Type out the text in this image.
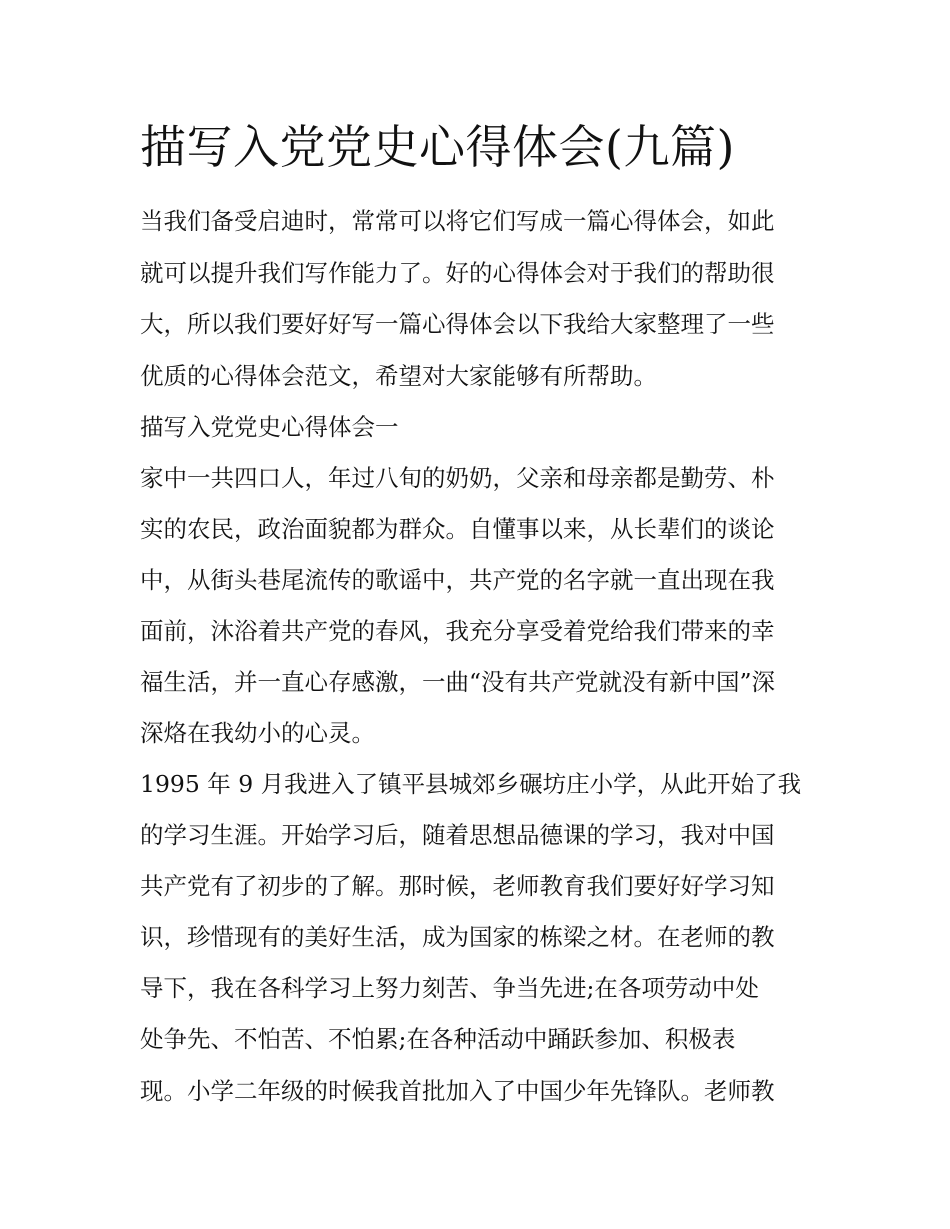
描写入党党史心得体会(九篇)

当我们备受启迪时，常常可以将它们写成一篇心得体会，如此

就可以提升我们写作能力了。好的心得体会对于我们的帮助很

大，所以我们要好好写一篇心得体会以下我给大家整理了一些

优质的心得体会范文，希望对大家能够有所帮助。

描写入党党史心得体会一

家中一共四口人，年过八旬的奶奶，父亲和母亲都是勤劳、朴

实的农民，政治面貌都为群众。自懂事以来，从长辈们的谈论

中，从街头巷尾流传的歌谣中，共产党的名字就一直出现在我

面前，沐浴着共产党的春风，我充分享受着党给我们带来的幸

福生活，并一直心存感激，一曲“没有共产党就没有新中国”深

深烙在我幼小的心灵。

1995 年 9 月我进入了镇平县城郊乡碾坊庄小学，从此开始了我

的学习生涯。开始学习后，随着思想品德课的学习，我对中国

共产党有了初步的了解。那时候，老师教育我们要好好学习知

识，珍惜现有的美好生活，成为国家的栋梁之材。在老师的教

导下，我在各科学习上努力刻苦、争当先进;在各项劳动中处

处争先、不怕苦、不怕累;在各种活动中踊跃参加、积极表

现。小学二年级的时候我首批加入了中国少年先锋队。老师教
